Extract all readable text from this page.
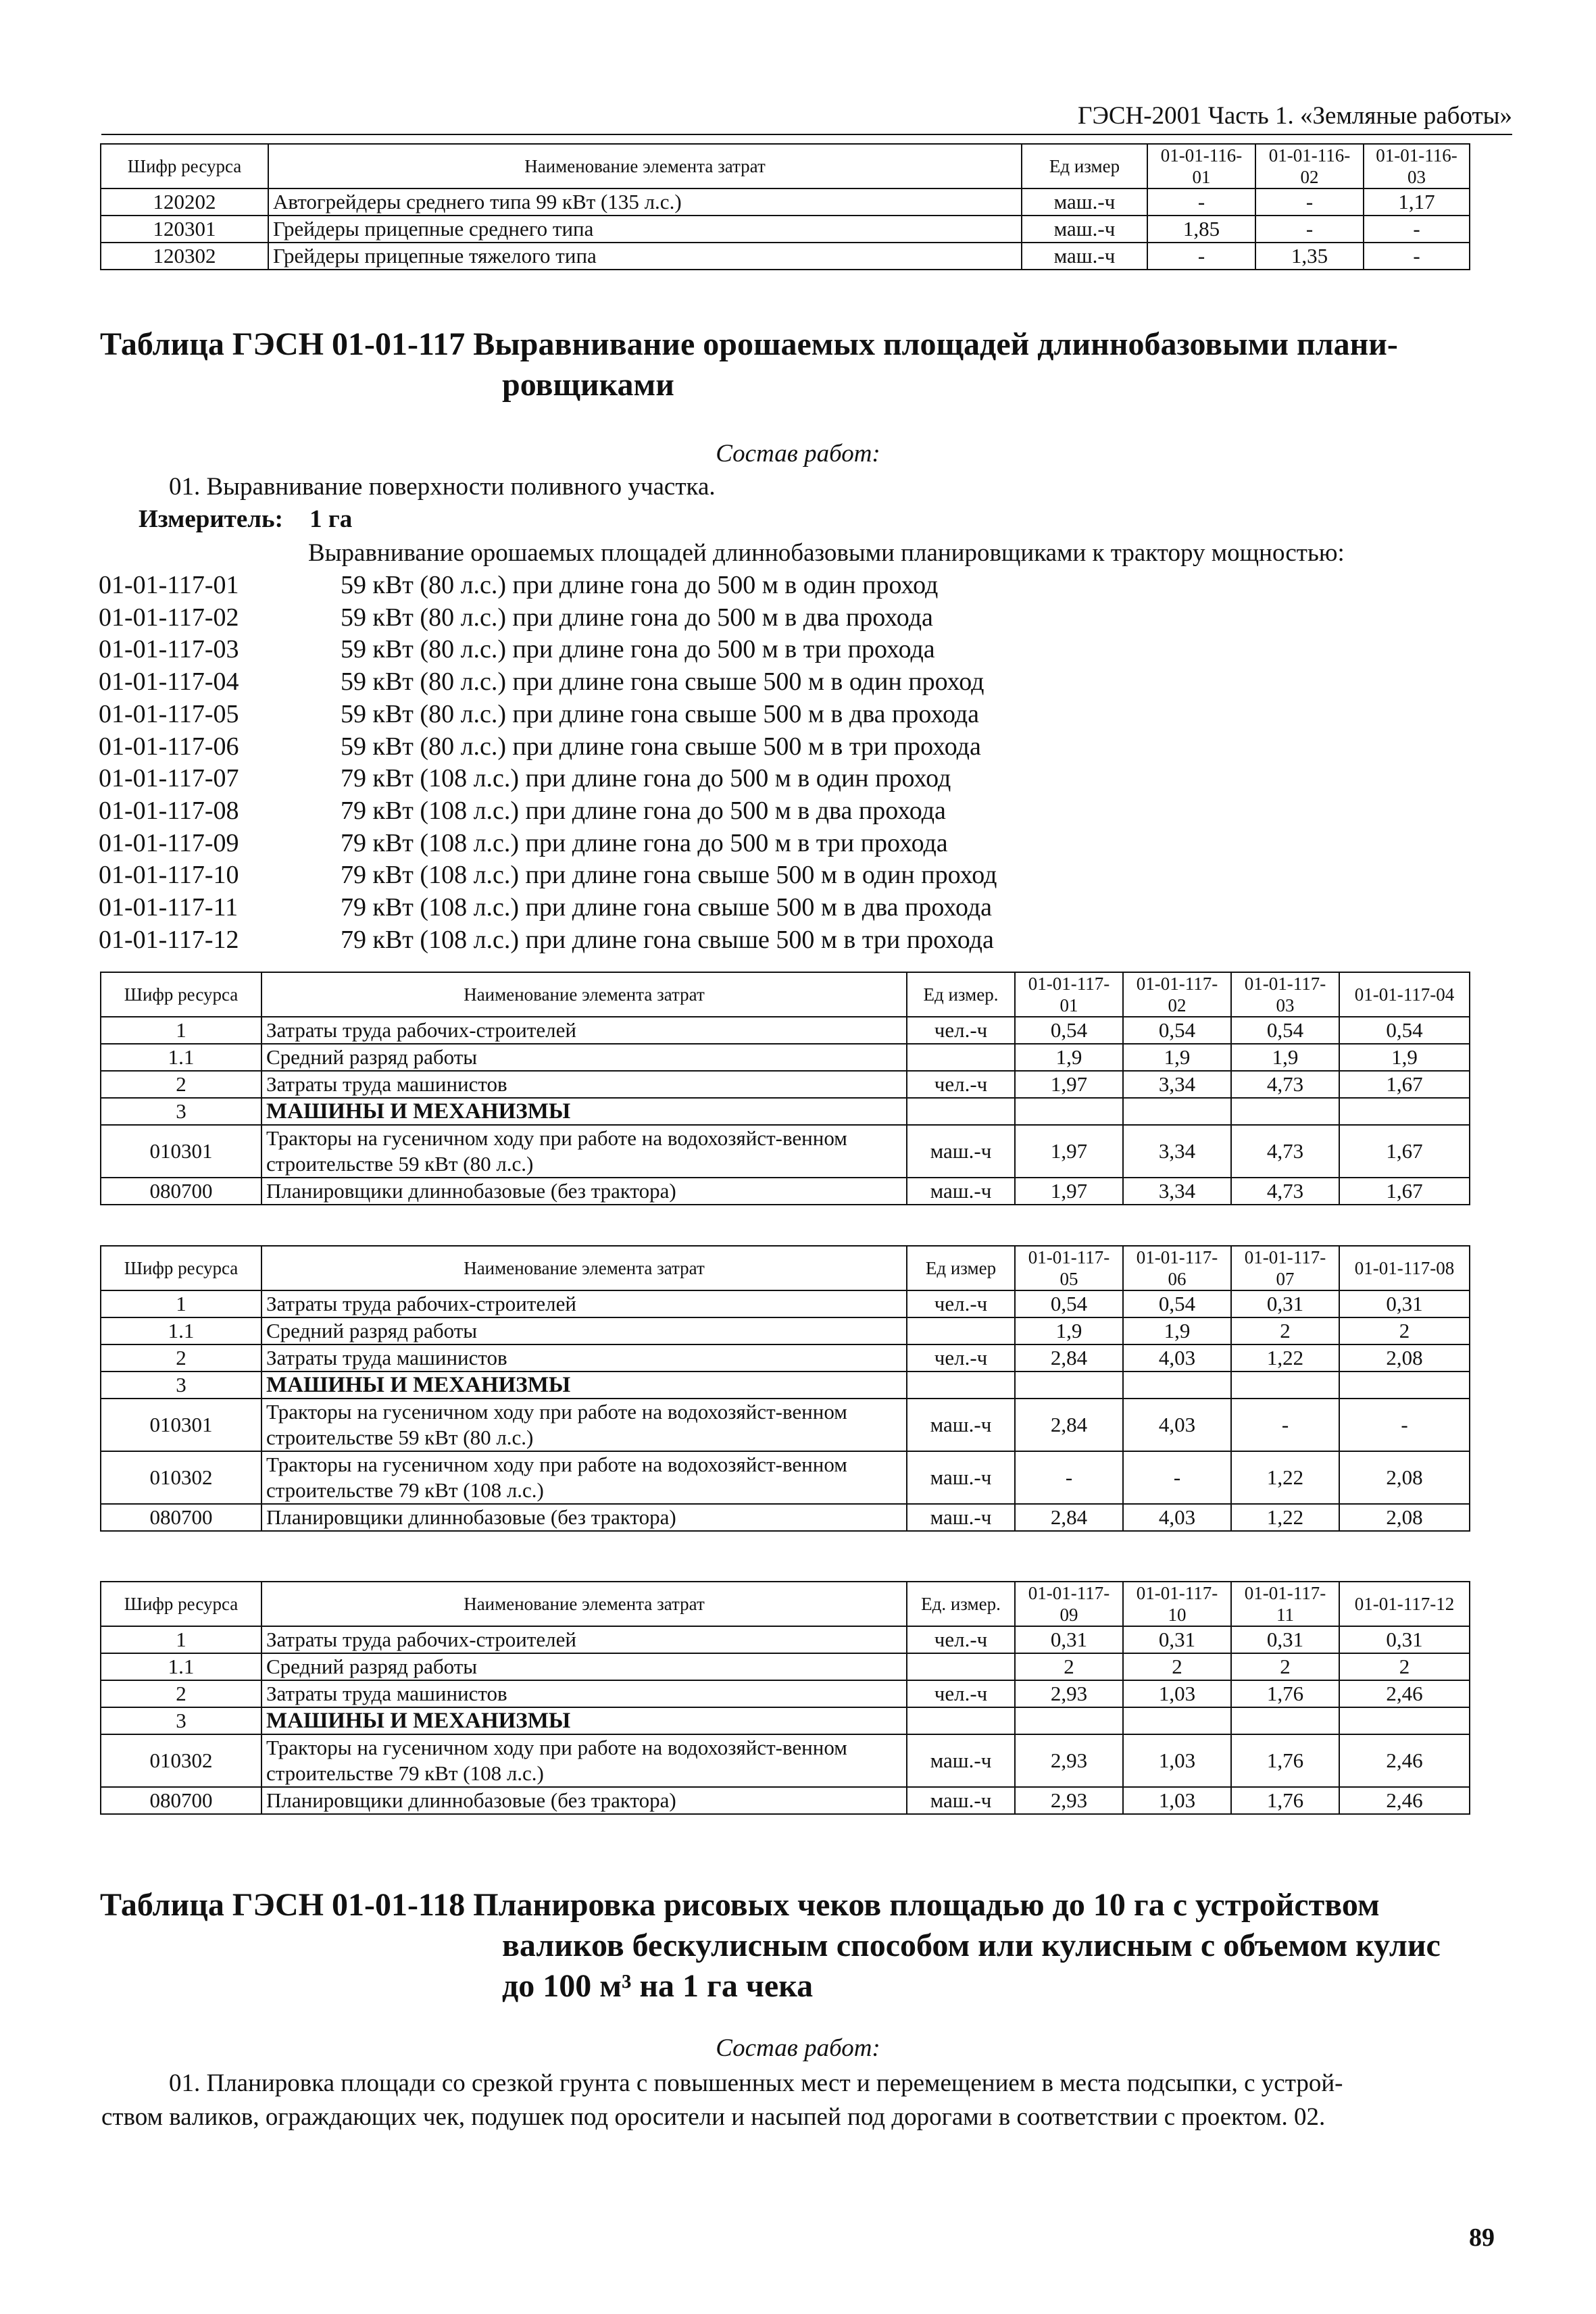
ГЭСН-2001 Часть 1. «Земляные работы»
Шифр ресурса	Наименование элемента затрат	Ед измер	01-01-116-01	01-01-116-02	01-01-116-03
120202	Автогрейдеры среднего типа 99 кВт (135 л.с.)	маш.-ч	-	-	1,17
120301	Грейдеры прицепные среднего типа	маш.-ч	1,85	-	-
120302	Грейдеры прицепные тяжелого типа	маш.-ч	-	1,35	-
Таблица ГЭСН 01-01-117 Выравнивание орошаемых площадей длиннобазовыми плани-
ровщиками
Состав работ:
01. Выравнивание поверхности поливного участка.
Измеритель: 1 га
Выравнивание орошаемых площадей длиннобазовыми планировщиками к трактору мощностью:
01-01-117-01	59 кВт (80 л.с.) при длине гона до 500 м в один проход
01-01-117-02	59 кВт (80 л.с.) при длине гона до 500 м в два прохода
01-01-117-03	59 кВт (80 л.с.) при длине гона до 500 м в три прохода
01-01-117-04	59 кВт (80 л.с.) при длине гона свыше 500 м в один проход
01-01-117-05	59 кВт (80 л.с.) при длине гона свыше 500 м в два прохода
01-01-117-06	59 кВт (80 л.с.) при длине гона свыше 500 м в три прохода
01-01-117-07	79 кВт (108 л.с.) при длине гона до 500 м в один проход
01-01-117-08	79 кВт (108 л.с.) при длине гона до 500 м в два прохода
01-01-117-09	79 кВт (108 л.с.) при длине гона до 500 м в три прохода
01-01-117-10	79 кВт (108 л.с.) при длине гона свыше 500 м в один проход
01-01-117-11	79 кВт (108 л.с.) при длине гона свыше 500 м в два прохода
01-01-117-12	79 кВт (108 л.с.) при длине гона свыше 500 м в три прохода
Шифр ресурса	Наименование элемента затрат	Ед измер.	01-01-117-01	01-01-117-02	01-01-117-03	01-01-117-04
1	Затраты труда рабочих-строителей	чел.-ч	0,54	0,54	0,54	0,54
1.1	Средний разряд работы		1,9	1,9	1,9	1,9
2	Затраты труда машинистов	чел.-ч	1,97	3,34	4,73	1,67
3	МАШИНЫ И МЕХАНИЗМЫ					
010301	Тракторы на гусеничном ходу при работе на водохозяйст-венном строительстве 59 кВт (80 л.с.)	маш.-ч	1,97	3,34	4,73	1,67
080700	Планировщики длиннобазовые (без трактора)	маш.-ч	1,97	3,34	4,73	1,67
Шифр ресурса	Наименование элемента затрат	Ед измер	01-01-117-05	01-01-117-06	01-01-117-07	01-01-117-08
1	Затраты труда рабочих-строителей	чел.-ч	0,54	0,54	0,31	0,31
1.1	Средний разряд работы		1,9	1,9	2	2
2	Затраты труда машинистов	чел.-ч	2,84	4,03	1,22	2,08
3	МАШИНЫ И МЕХАНИЗМЫ					
010301	Тракторы на гусеничном ходу при работе на водохозяйст-венном строительстве 59 кВт (80 л.с.)	маш.-ч	2,84	4,03	-	-
010302	Тракторы на гусеничном ходу при работе на водохозяйст-венном строительстве 79 кВт (108 л.с.)	маш.-ч	-	-	1,22	2,08
080700	Планировщики длиннобазовые (без трактора)	маш.-ч	2,84	4,03	1,22	2,08
Шифр ресурса	Наименование элемента затрат	Ед. измер.	01-01-117-09	01-01-117-10	01-01-117-11	01-01-117-12
1	Затраты труда рабочих-строителей	чел.-ч	0,31	0,31	0,31	0,31
1.1	Средний разряд работы		2	2	2	2
2	Затраты труда машинистов	чел.-ч	2,93	1,03	1,76	2,46
3	МАШИНЫ И МЕХАНИЗМЫ					
010302	Тракторы на гусеничном ходу при работе на водохозяйст-венном строительстве 79 кВт (108 л.с.)	маш.-ч	2,93	1,03	1,76	2,46
080700	Планировщики длиннобазовые (без трактора)	маш.-ч	2,93	1,03	1,76	2,46
Таблица ГЭСН 01-01-118 Планировка рисовых чеков площадью до 10 га с устройством
валиков бескулисным способом или кулисным с объемом кулис
до 100 м³ на 1 га чека
Состав работ:
01. Планировка площади со срезкой грунта с повышенных мест и перемещением в места подсыпки, с устрой-
ством валиков, ограждающих чек, подушек под оросители и насыпей под дорогами в соответствии с проектом. 02.
89
